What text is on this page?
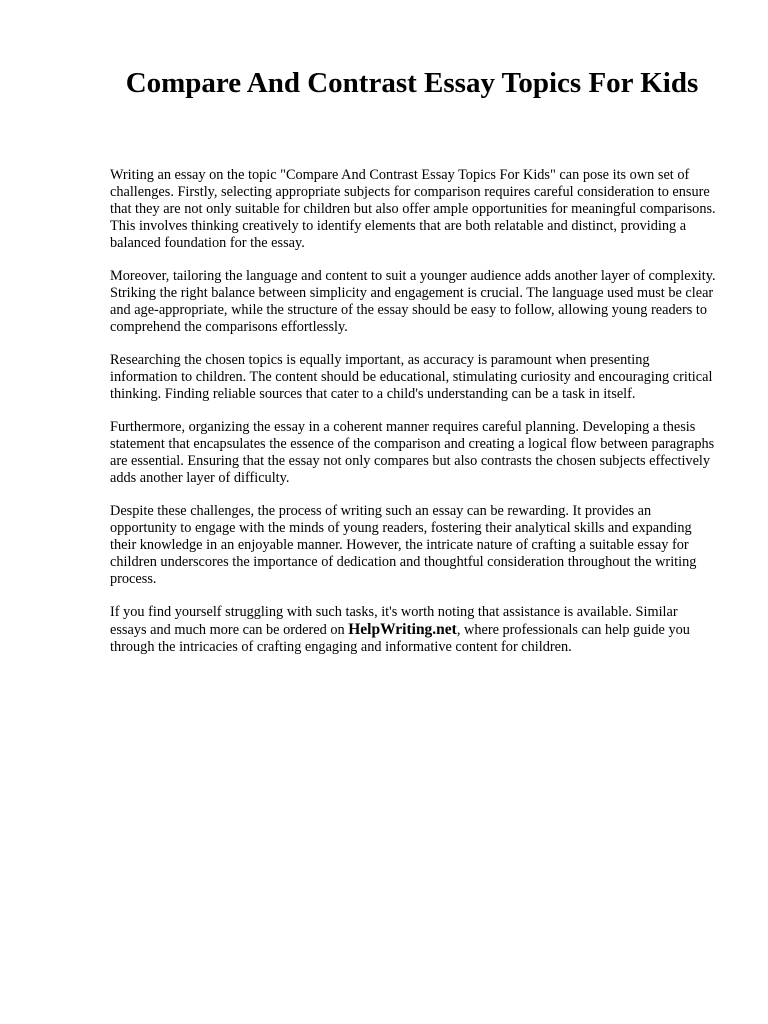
Compare And Contrast Essay Topics For Kids

Writing an essay on the topic "Compare And Contrast Essay Topics For Kids" can pose its own set of challenges. Firstly, selecting appropriate subjects for comparison requires careful consideration to ensure that they are not only suitable for children but also offer ample opportunities for meaningful comparisons. This involves thinking creatively to identify elements that are both relatable and distinct, providing a balanced foundation for the essay.

Moreover, tailoring the language and content to suit a younger audience adds another layer of complexity. Striking the right balance between simplicity and engagement is crucial. The language used must be clear and age-appropriate, while the structure of the essay should be easy to follow, allowing young readers to comprehend the comparisons effortlessly.

Researching the chosen topics is equally important, as accuracy is paramount when presenting information to children. The content should be educational, stimulating curiosity and encouraging critical thinking. Finding reliable sources that cater to a child's understanding can be a task in itself.

Furthermore, organizing the essay in a coherent manner requires careful planning. Developing a thesis statement that encapsulates the essence of the comparison and creating a logical flow between paragraphs are essential. Ensuring that the essay not only compares but also contrasts the chosen subjects effectively adds another layer of difficulty.

Despite these challenges, the process of writing such an essay can be rewarding. It provides an opportunity to engage with the minds of young readers, fostering their analytical skills and expanding their knowledge in an enjoyable manner. However, the intricate nature of crafting a suitable essay for children underscores the importance of dedication and thoughtful consideration throughout the writing process.

If you find yourself struggling with such tasks, it's worth noting that assistance is available. Similar essays and much more can be ordered on HelpWriting.net, where professionals can help guide you through the intricacies of crafting engaging and informative content for children.
